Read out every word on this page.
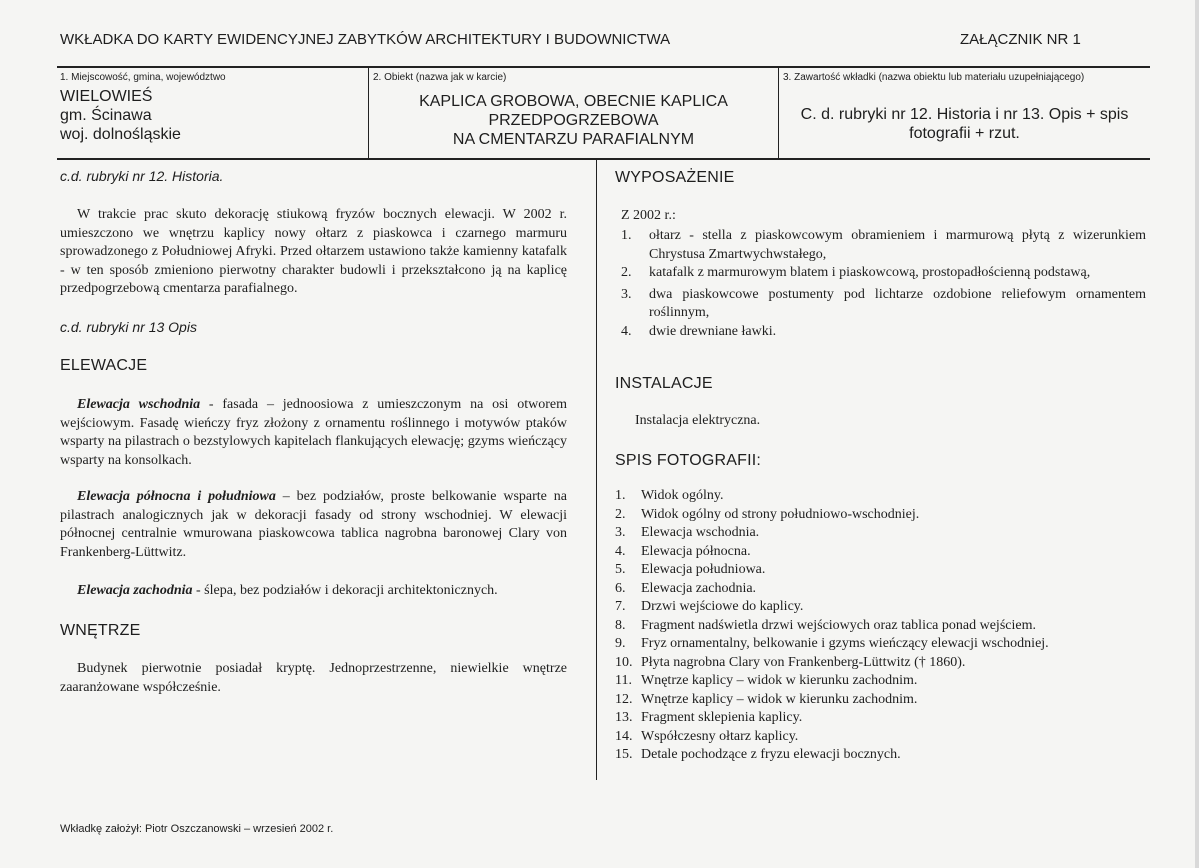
WKŁADKA DO KARTY EWIDENCYJNEJ ZABYTKÓW ARCHITEKTURY I BUDOWNICTWA	ZAŁĄCZNIK NR 1
1. Miejscowość, gmina, województwo
WIELOWIEŚ
gm. Ścinawa
woj. dolnośląskie
2. Obiekt (nazwa jak w karcie)
KAPLICA GROBOWA, OBECNIE KAPLICA
PRZEDPOGRZEBOWA
NA CMENTARZU PARAFIALNYM
3. Zawartość wkładki (nazwa obiektu lub materiału uzupełniającego)
C. d. rubryki nr 12. Historia i nr 13. Opis + spis
fotografii + rzut.
c.d. rubryki nr 12. Historia.
W trakcie prac skuto dekorację stiukową fryzów bocznych elewacji. W 2002 r. umieszczono we wnętrzu kaplicy nowy ołtarz z piaskowca i czarnego marmuru sprowadzonego z Południowej Afryki. Przed ołtarzem ustawiono także kamienny katafalk - w ten sposób zmieniono pierwotny charakter budowli i przekształcono ją na kaplicę przedpogrzebową cmentarza parafialnego.
c.d. rubryki nr 13 Opis
ELEWACJE
Elewacja wschodnia - fasada – jednoosiowa z umieszczonym na osi otworem wejściowym. Fasadę wieńczy fryz złożony z ornamentu roślinnego i motywów ptaków wsparty na pilastrach o bezstylowych kapitelach flankujących elewację; gzyms wieńczący wsparty na konsolkach.
Elewacja północna i południowa – bez podziałów, proste belkowanie wsparte na pilastrach analogicznych jak w dekoracji fasady od strony wschodniej. W elewacji północnej centralnie wmurowana piaskowcowa tablica nagrobna baronowej Clary von Frankenberg-Lüttwitz.
Elewacja zachodnia - ślepa, bez podziałów i dekoracji architektonicznych.
WNĘTRZE
Budynek pierwotnie posiadał kryptę. Jednoprzestrzenne, niewielkie wnętrze zaaranżowane współcześnie.
WYPOSAŻENIE
Z 2002 r.:
1.	ołtarz - stella z piaskowcowym obramieniem i marmurową płytą z wizerunkiem Chrystusa Zmartwychwstałego,
2.	katafalk z marmurowym blatem i piaskowcową, prostopadłościenną podstawą,
3.	dwa piaskowcowe postumenty pod lichtarze ozdobione reliefowym ornamentem roślinnym,
4.	dwie drewniane ławki.
INSTALACJE
Instalacja elektryczna.
SPIS FOTOGRAFII:
1.	Widok ogólny.
2.	Widok ogólny od strony południowo-wschodniej.
3.	Elewacja wschodnia.
4.	Elewacja północna.
5.	Elewacja południowa.
6.	Elewacja zachodnia.
7.	Drzwi wejściowe do kaplicy.
8.	Fragment nadświetla drzwi wejściowych oraz tablica ponad wejściem.
9.	Fryz ornamentalny, belkowanie i gzyms wieńczący elewacji wschodniej.
10. Płyta nagrobna Clary von Frankenberg-Lüttwitz († 1860).
11. Wnętrze kaplicy – widok w kierunku zachodnim.
12. Wnętrze kaplicy – widok w kierunku zachodnim.
13. Fragment sklepienia kaplicy.
14. Współczesny ołtarz kaplicy.
15. Detale pochodzące z fryzu elewacji bocznych.
Wkładkę założył: Piotr Oszczanowski – wrzesień 2002 r.
